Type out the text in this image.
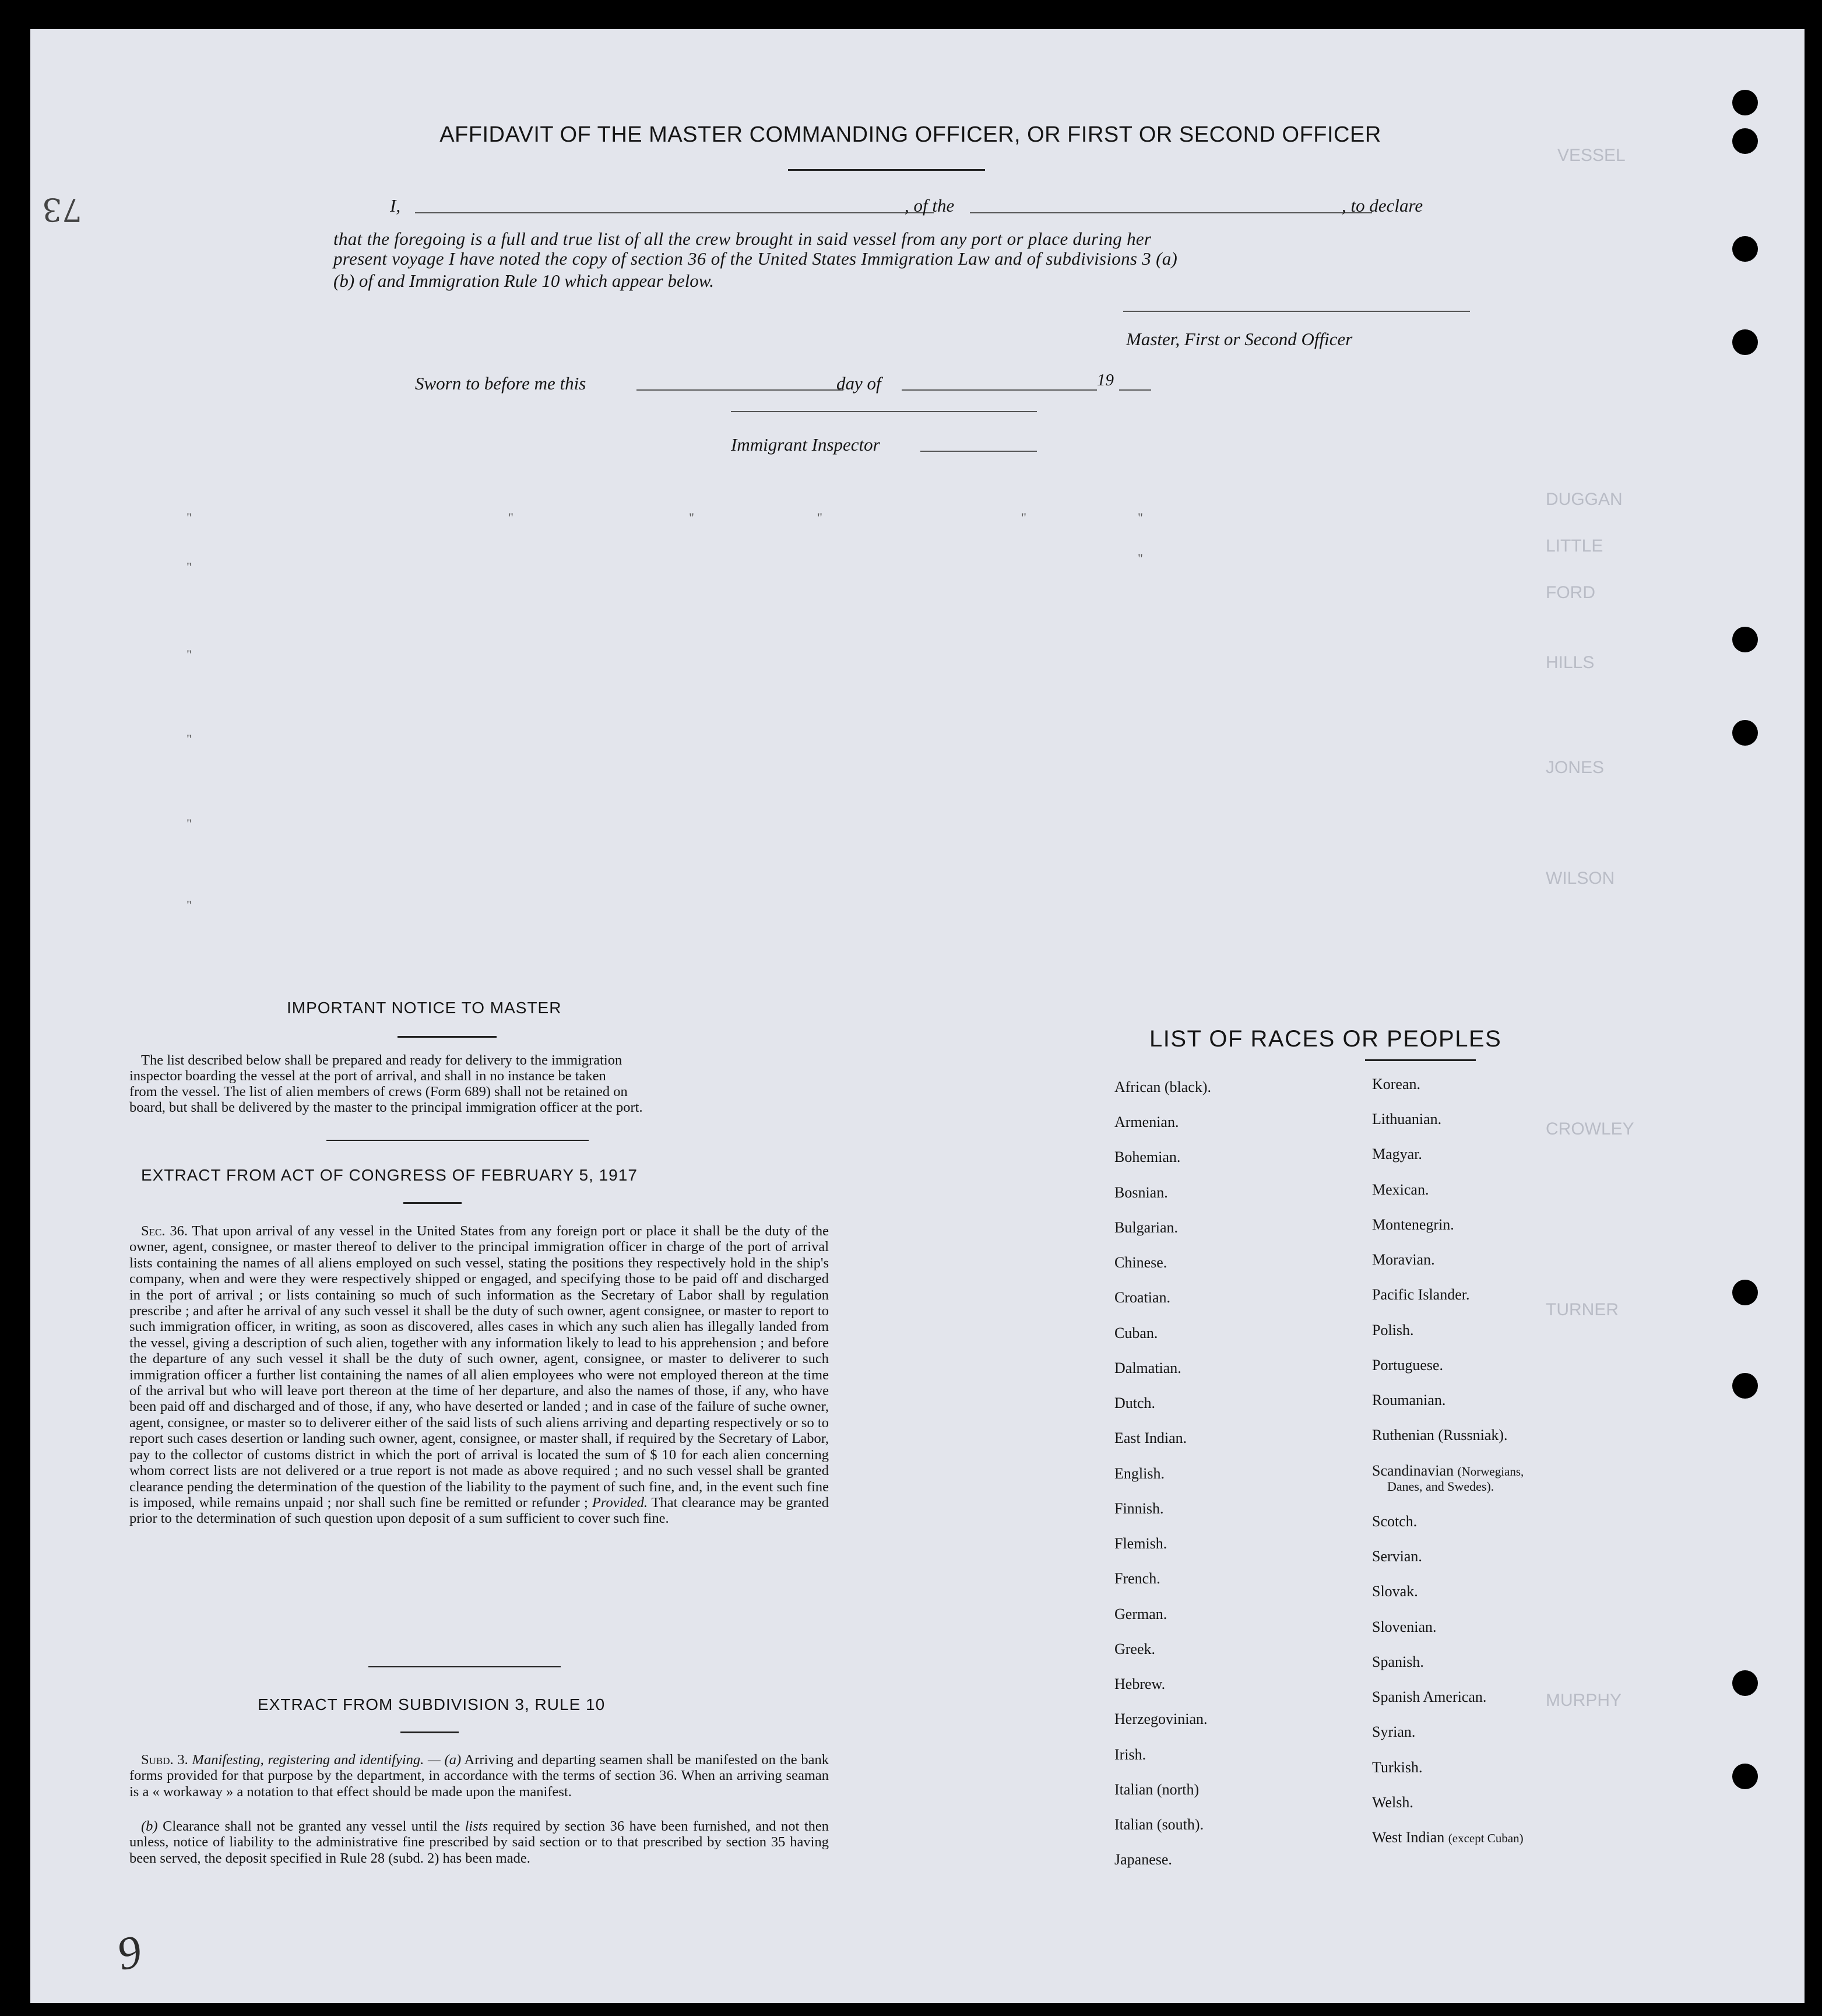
73
AFFIDAVIT OF THE MASTER COMMANDING OFFICER, OR FIRST OR SECOND OFFICER
I,	, of the	, to declare
that the foregoing is a full and true list of all the crew brought in said vessel from any port or place during her
present voyage I have noted the copy of section 36 of the United States Immigration Law and of subdivisions 3 (a)
(b) of and Immigration Rule 10 which appear below.
Master, First or Second Officer
Sworn to before me this	day of	19
Immigrant Inspector
"
"
"
"
"
"
"	"	"	"	"
"
VESSEL
DUGGAN
LITTLE
FORD
HILLS
JONES
WILSON
CROWLEY
TURNER
MURPHY
IMPORTANT NOTICE TO MASTER
The list described below shall be prepared and ready for delivery to the immigration
inspector boarding the vessel at the port of arrival, and shall in no instance be taken
from the vessel. The list of alien members of crews (Form 689) shall not be retained on
board, but shall be delivered by the master to the principal immigration officer at the port.
EXTRACT FROM ACT OF CONGRESS OF FEBRUARY 5, 1917
Sec. 36. That upon arrival of any vessel in the United States from any foreign port or place it shall be the duty of the owner, agent, consignee, or master thereof to deliver to the principal immigration officer in charge of the port of arrival lists containing the names of all aliens employed on such vessel, stating the positions they respectively hold in the ship's company, when and were they were respectively shipped or engaged, and specifying those to be paid off and discharged in the port of arrival ; or lists containing so much of such information as the Secretary of Labor shall by regulation prescribe ; and after he arrival of any such vessel it shall be the duty of such owner, agent consignee, or master to report to such immigration officer, in writing, as soon as discovered, alles cases in which any such alien has illegally landed from the vessel, giving a description of such alien, together with any information likely to lead to his apprehension ; and before the departure of any such vessel it shall be the duty of such owner, agent, consignee, or master to deliverer to such immigration officer a further list containing the names of all alien employees who were not employed thereon at the time of the arrival but who will leave port thereon at the time of her departure, and also the names of those, if any, who have been paid off and discharged and of those, if any, who have deserted or landed ; and in case of the failure of suche owner, agent, consignee, or master so to deliverer either of the said lists of such aliens arriving and departing respectively or so to report such cases desertion or landing such owner, agent, consignee, or master shall, if required by the Secretary of Labor, pay to the collector of customs district in which the port of arrival is located the sum of $ 10 for each alien concerning whom correct lists are not delivered or a true report is not made as above required ; and no such vessel shall be granted clearance pending the determination of the question of the liability to the payment of such fine, and, in the event such fine is imposed, while remains unpaid ; nor shall such fine be remitted or refunder ; Provided. That clearance may be granted prior to the determination of such question upon deposit of a sum sufficient to cover such fine.
EXTRACT FROM SUBDIVISION 3, RULE 10
Subd. 3. Manifesting, registering and identifying. — (a) Arriving and departing seamen shall be manifested on the bank forms provided for that purpose by the department, in accordance with the terms of section 36. When an arriving seaman is a « workaway » a notation to that effect should be made upon the manifest.
(b) Clearance shall not be granted any vessel until the lists required by section 36 have been furnished, and not then unless, notice of liability to the administrative fine prescribed by said section or to that prescribed by section 35 having been served, the deposit specified in Rule 28 (subd. 2) has been made.
9
LIST OF RACES OR PEOPLES
African (black).
Armenian.
Bohemian.
Bosnian.
Bulgarian.
Chinese.
Croatian.
Cuban.
Dalmatian.
Dutch.
East Indian.
English.
Finnish.
Flemish.
French.
German.
Greek.
Hebrew.
Herzegovinian.
Irish.
Italian (north)
Italian (south).
Japanese.
Korean.
Lithuanian.
Magyar.
Mexican.
Montenegrin.
Moravian.
Pacific Islander.
Polish.
Portuguese.
Roumanian.
Ruthenian (Russniak).
Scandinavian (Norwegians,
Danes, and Swedes).
Scotch.
Servian.
Slovak.
Slovenian.
Spanish.
Spanish American.
Syrian.
Turkish.
Welsh.
West Indian (except Cuban)
